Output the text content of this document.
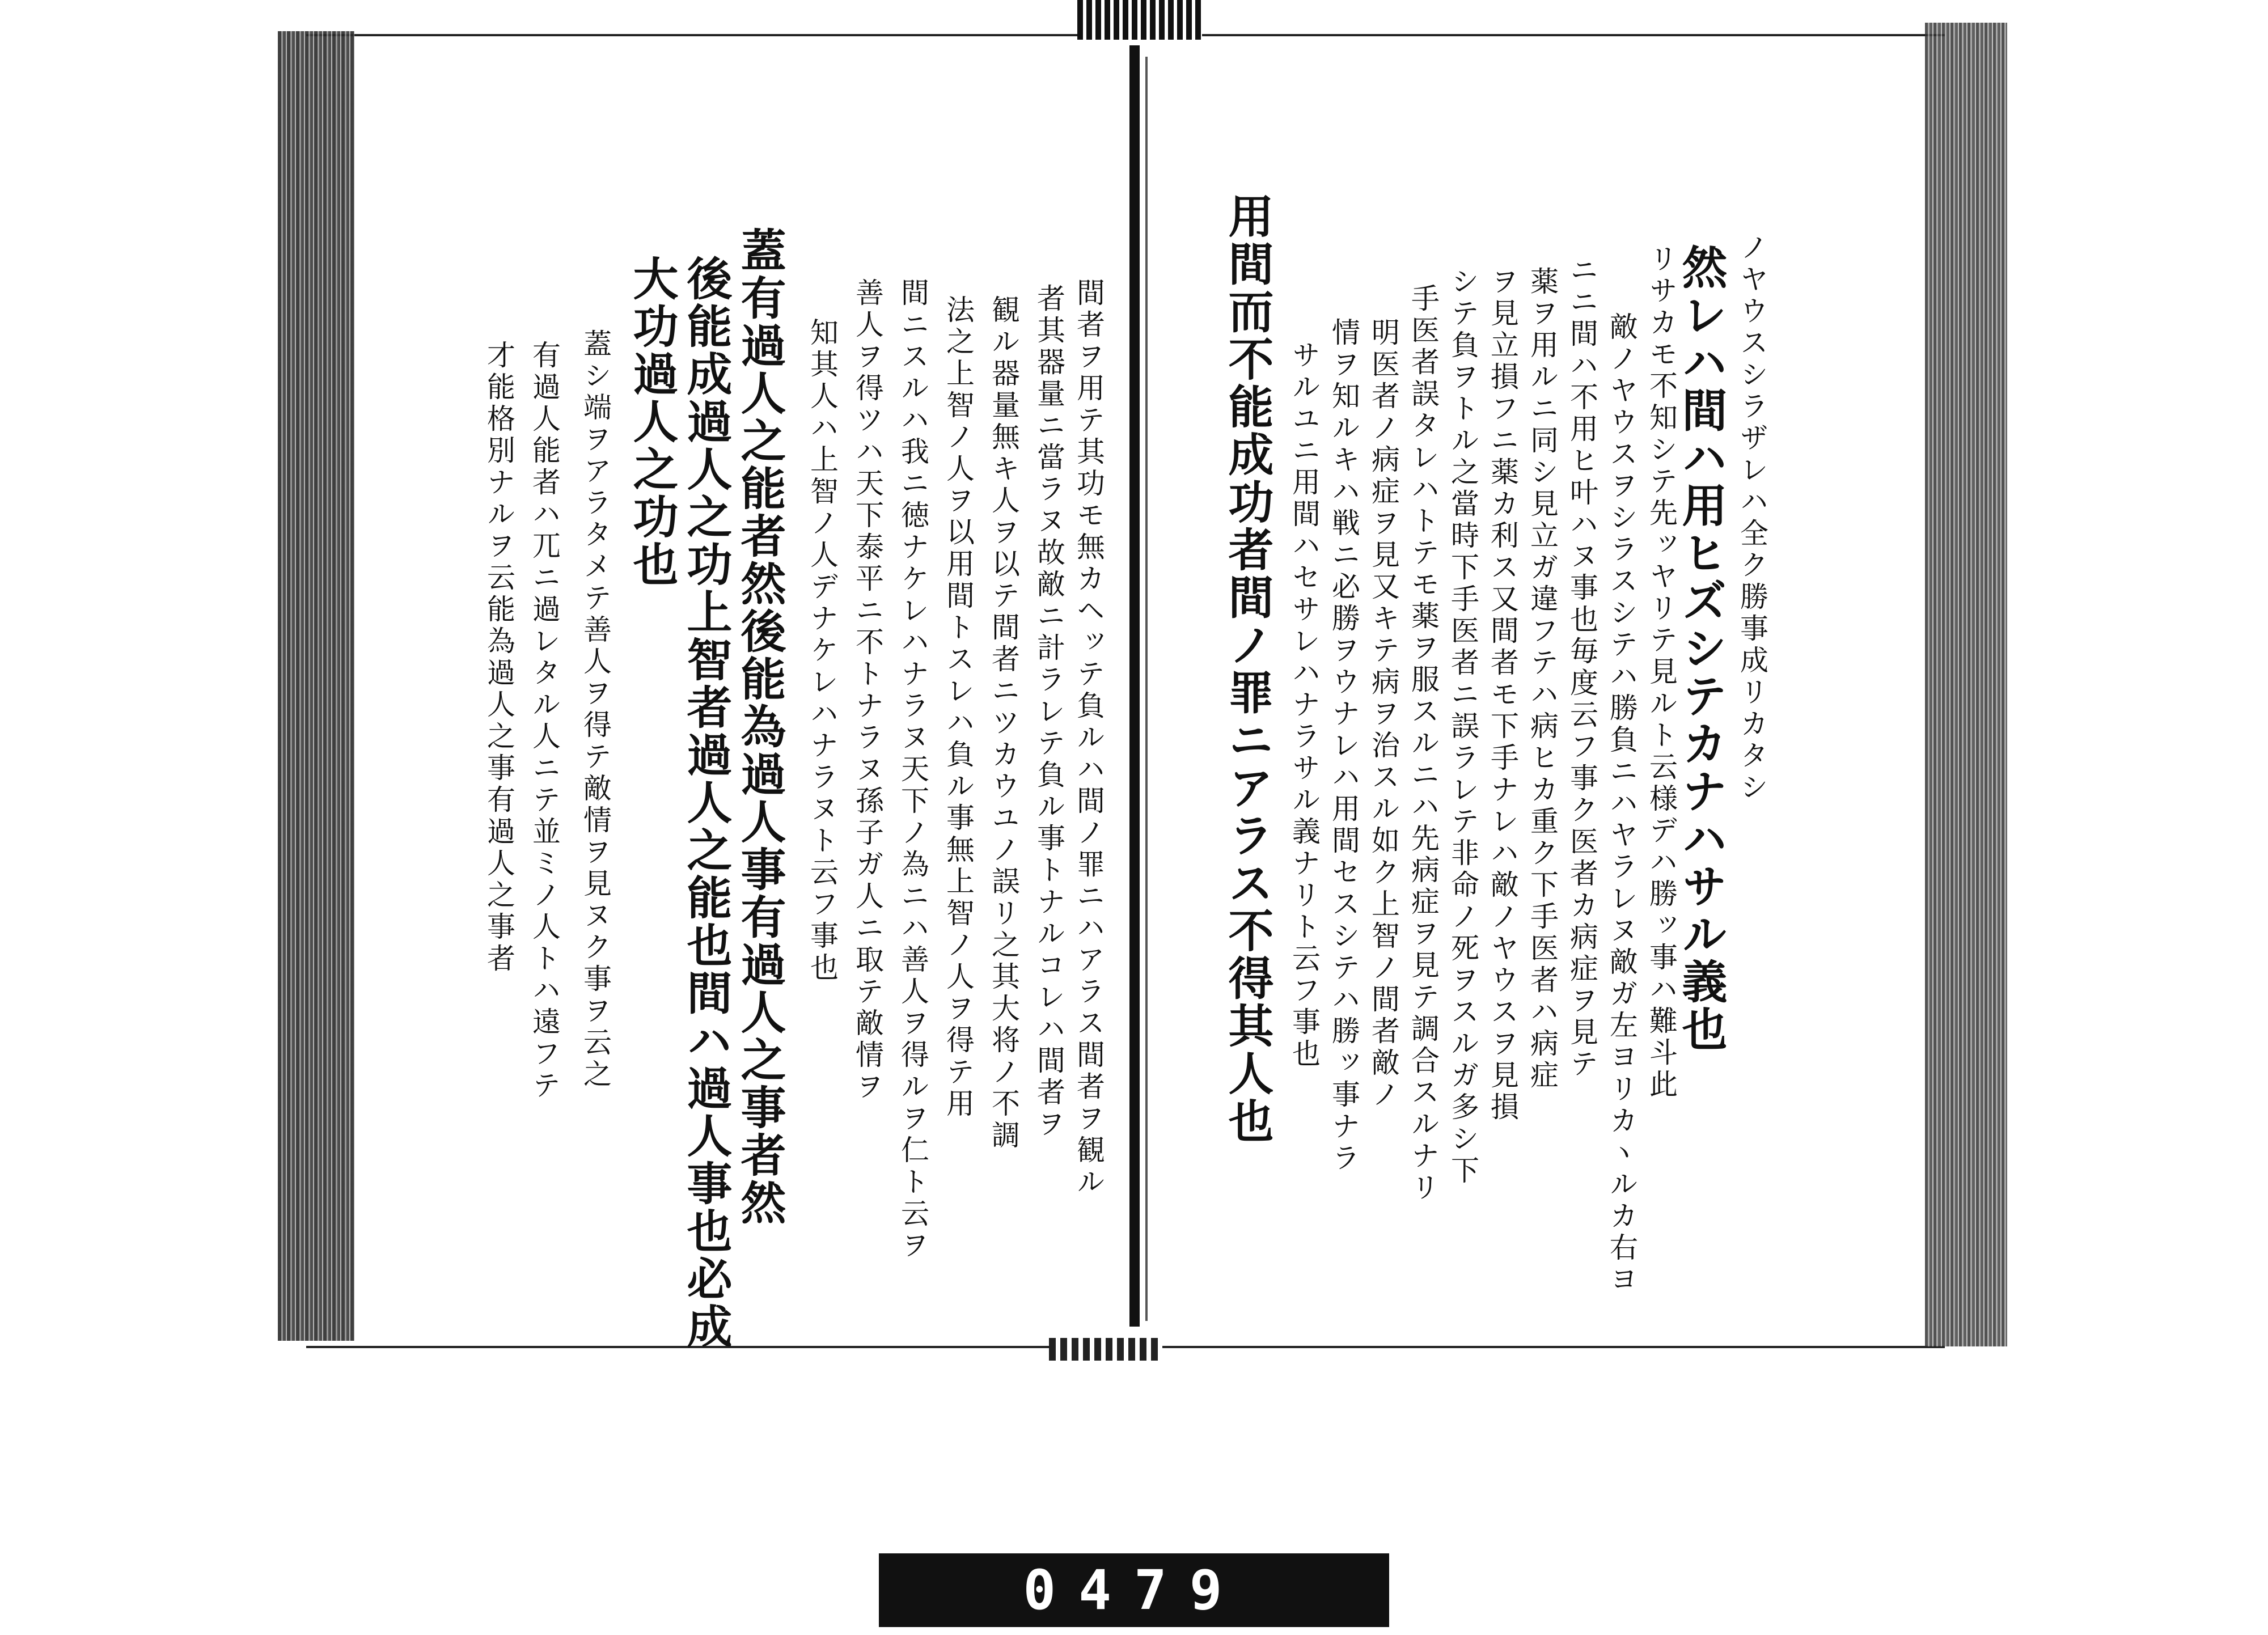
ノヤウスシラザレハ全ク勝事成リカタシ
然レハ間ハ用ヒズシテカナハサル義也
リサカモ不知シテ先ッヤリテ見ルト云様デハ勝ッ事ハ難斗此
敵ノヤウスヲシラスシテハ勝負ニハヤラレヌ敵ガ左ヨリカヽルカ右ヨ
ニニ間ハ不用ヒ叶ハヌ事也毎度云フ事ク医者カ病症ヲ見テ
薬ヲ用ルニ同シ見立ガ違フテハ病ヒカ重ク下手医者ハ病症
ヲ見立損フニ薬カ利ス又間者モ下手ナレハ敵ノヤウスヲ見損
シテ負ヲトル之當時下手医者ニ誤ラレテ非命ノ死ヲスルガ多シ下
手医者誤タレハトテモ薬ヲ服スルニハ先病症ヲ見テ調合スルナリ
明医者ノ病症ヲ見又キテ病ヲ治スル如ク上智ノ間者敵ノ
情ヲ知ルキハ戦ニ必勝ヲウナレハ用間セスシテハ勝ッ事ナラ
サルユニ用間ハセサレハナラサル義ナリト云フ事也
用間而不能成功者間ノ罪ニアラス不得其人也
間者ヲ用テ其功モ無カヘッテ負ルハ間ノ罪ニハアラス間者ヲ観ル
者其器量ニ當ラヌ故敵ニ計ラレテ負ル事トナルコレハ間者ヲ
観ル器量無キ人ヲ以テ間者ニツカウユノ誤リ之其大将ノ不調
法之上智ノ人ヲ以用間トスレハ負ル事無上智ノ人ヲ得テ用
間ニスルハ我ニ徳ナケレハナラヌ天下ノ為ニハ善人ヲ得ルヲ仁ト云ヲ
善人ヲ得ツハ天下泰平ニ不トナラヌ孫子ガ人ニ取テ敵情ヲ
知其人ハ上智ノ人デナケレハナラヌト云フ事也
蓋有過人之能者然後能為過人事有過人之事者然
後能成過人之功上智者過人之能也間ハ過人事也必成
大功過人之功也
蓋シ端ヲアラタメテ善人ヲ得テ敵情ヲ見ヌク事ヲ云之
有過人能者ハ兀ニ過レタル人ニテ並ミノ人トハ遠フテ
才能格別ナルヲ云能為過人之事有過人之事者
0479
